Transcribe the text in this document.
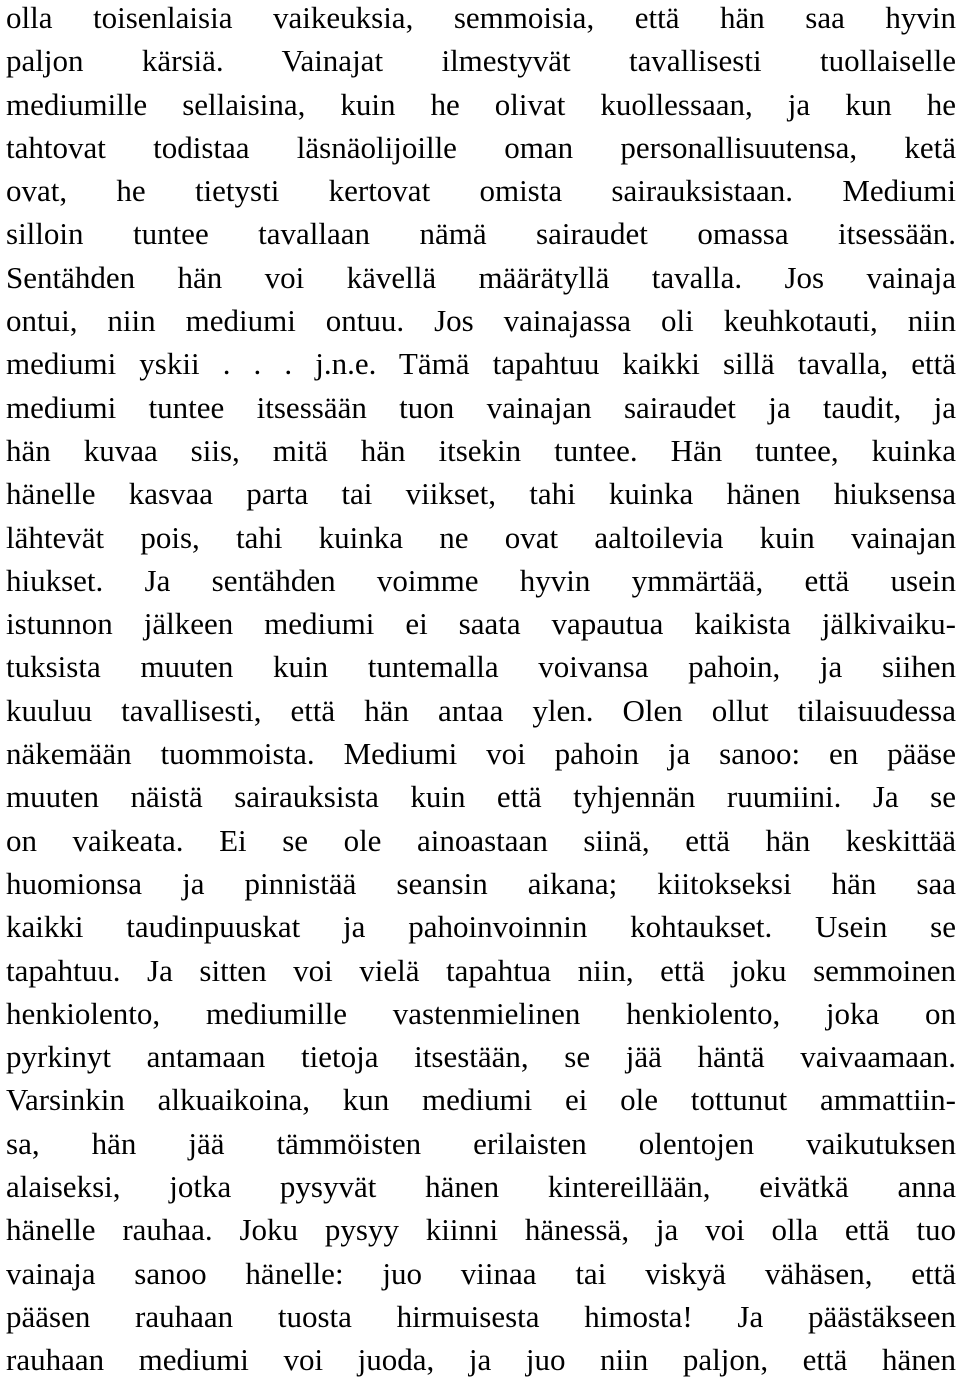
olla toisenlaisia vaikeuksia, semmoisia, että hän saa hyvin
paljon kärsiä. Vainajat ilmestyvät tavallisesti tuollaiselle
mediumille sellaisina, kuin he olivat kuollessaan, ja kun he
tahtovat todistaa läsnäolijoille oman personallisuutensa, ketä
ovat, he tietysti kertovat omista sairauksistaan. Mediumi
silloin tuntee tavallaan nämä sairaudet omassa itsessään.
Sentähden hän voi kävellä määrätyllä tavalla. Jos vainaja
ontui, niin mediumi ontuu. Jos vainajassa oli keuhkotauti, niin
mediumi yskii . . . j.n.e. Tämä tapahtuu kaikki sillä tavalla, että
mediumi tuntee itsessään tuon vainajan sairaudet ja taudit, ja
hän kuvaa siis, mitä hän itsekin tuntee. Hän tuntee, kuinka
hänelle kasvaa parta tai viikset, tahi kuinka hänen hiuksensa
lähtevät pois, tahi kuinka ne ovat aaltoilevia kuin vainajan
hiukset. Ja sentähden voimme hyvin ymmärtää, että usein
istunnon jälkeen mediumi ei saata vapautua kaikista jälkivaiku-
tuksista muuten kuin tuntemalla voivansa pahoin, ja siihen
kuuluu tavallisesti, että hän antaa ylen. Olen ollut tilaisuudessa
näkemään tuommoista. Mediumi voi pahoin ja sanoo: en pääse
muuten näistä sairauksista kuin että tyhjennän ruumiini. Ja se
on vaikeata. Ei se ole ainoastaan siinä, että hän keskittää
huomionsa ja pinnistää seansin aikana; kiitokseksi hän saa
kaikki taudinpuuskat ja pahoinvoinnin kohtaukset. Usein se
tapahtuu. Ja sitten voi vielä tapahtua niin, että joku semmoinen
henkiolento, mediumille vastenmielinen henkiolento, joka on
pyrkinyt antamaan tietoja itsestään, se jää häntä vaivaamaan.
Varsinkin alkuaikoina, kun mediumi ei ole tottunut ammattiin-
sa, hän jää tämmöisten erilaisten olentojen vaikutuksen
alaiseksi, jotka pysyvät hänen kintereillään, eivätkä anna
hänelle rauhaa. Joku pysyy kiinni hänessä, ja voi olla että tuo
vainaja sanoo hänelle: juo viinaa tai viskyä vähäsen, että
pääsen rauhaan tuosta hirmuisesta himosta! Ja päästäkseen
rauhaan mediumi voi juoda, ja juo niin paljon, että hänen
